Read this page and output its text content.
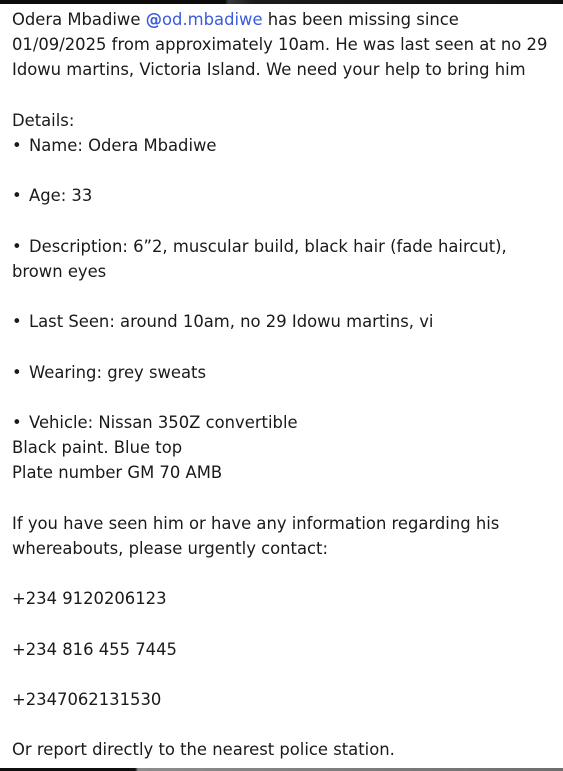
Odera Mbadiwe @od.mbadiwe has been missing since
01/09/2025 from approximately 10am. He was last seen at no 29
Idowu martins, Victoria Island. We need your help to bring him
Details:
• Name: Odera Mbadiwe
• Age: 33
• Description: 6”2, muscular build, black hair (fade haircut),
brown eyes
• Last Seen: around 10am, no 29 Idowu martins, vi
• Wearing: grey sweats
• Vehicle: Nissan 350Z convertible
Black paint. Blue top
Plate number GM 70 AMB
If you have seen him or have any information regarding his
whereabouts, please urgently contact:
+234 9120206123
+234 816 455 7445
+2347062131530
Or report directly to the nearest police station.
